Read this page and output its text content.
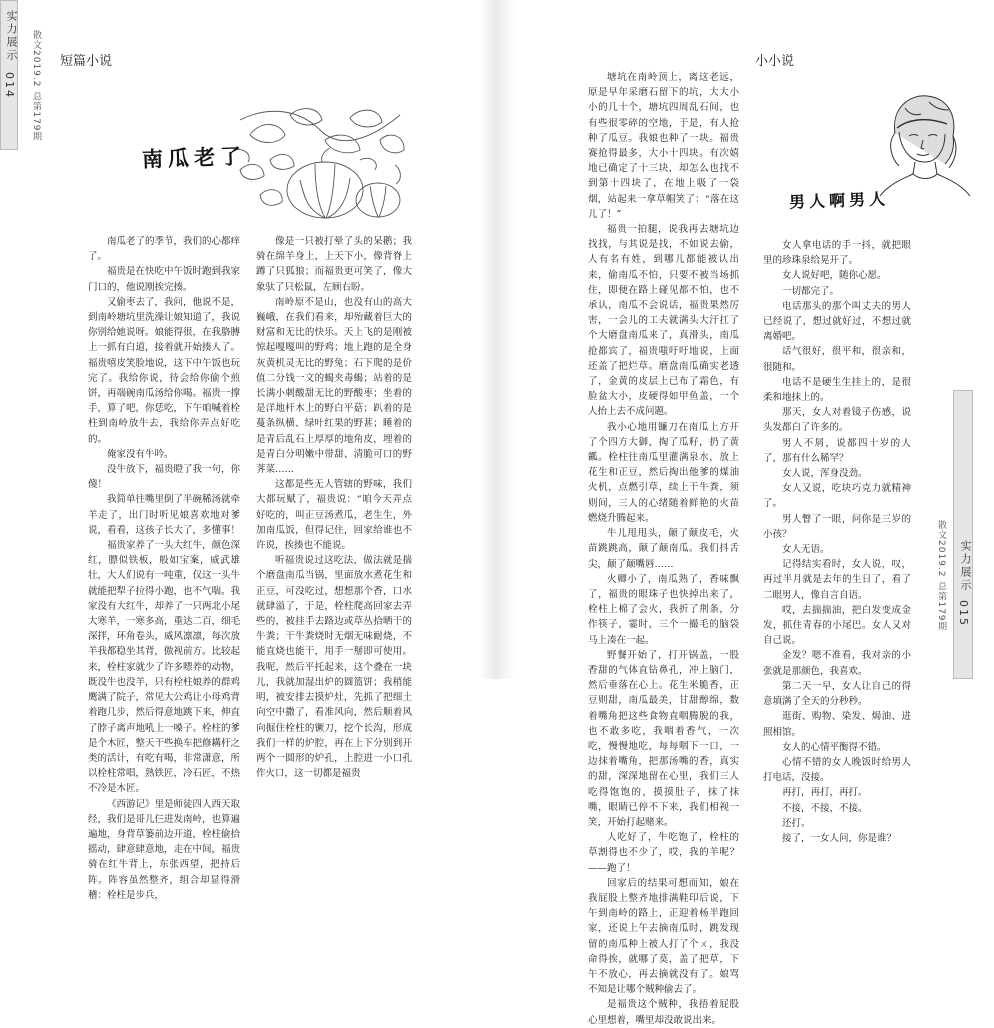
实力展示
014 散文2019.2 总第179期 短篇小说
南瓜老了

南瓜老了的季节，我们的心都痒了。

福贵是在快吃中午饭时跑到我家门口的，他说刚挨完揍。

又偷枣去了，我问，他说不是，到南岭塘坑里洗澡让娘知道了，我说你别给她说呀。娘能得很，在我胳膊上一抓有白道，接着就开始揍人了。福贵嘻皮笑脸地说，这下中午饭也玩完了。我给你说，待会给你偷个煎饼，再端碗南瓜汤给你喝。福贵一撑手，算了吧，你恁吃，下午咱喊着栓柱到南岭放牛去，我给你弄点好吃的。

俺家没有牛吟。

没牛放下，福贵瞪了我一句，你傻！

我简单往嘴里倒了半碗稀汤就牵羊走了，出门时听见娘喜欢地对爹说，看看，这孩子长大了，多懂事！

福贵家养了一头大红牛，颜色深红，膘似铁板，般如宝案，威武雄壮，大人们说有一吨重，仅这一头牛就能把犁子拉得小跑，也不气喘。我家没有大红牛，却养了一只两北小尾大寒羊，一寒多高，重达二百，细毛深拌，环角卷头，威风凛凛，每次放羊我都稳坐其背，傲视前方。比较起来，栓柱家就少了许多嘌养的动物，既没牛也没羊，只有栓柱娘养的群鸡鹰满了院子，常见大公鸡让小母鸡背着跑几步，然后得意地跳下来，伸直了脖子离声地吼上一嗓子。栓柱的爹是个木匠，整天干些换车把修耩杆之类的活计，有吃有喝，非常潇意，所以栓柱常唱，熟铁匠，冷石匠，不热不冷是木匠。

《西游记》里是师徒四人西天取经，我们是哥儿仨进发南岭，也算遍遍地，身背草篓前边开道，栓柱偷拾摇动，肆意肆意地，走在中间，福贵骑在红牛背上，东张西望，把持后阵。阵容虽然整齐，组合却显得滑稽：栓柱是步兵，

像是一只被打晕了头的呆鹅；我骑在绵羊身上，上天下小，像背脊上蹲了只狐狼；而福贵更可笑了，像大象驮了只松鼠，左顾右盼。

南岭原不是山，也没有山的高大巍峨，在我们看来，却殆藏着巨大的财富和无比的快乐。天上飞的是刚被惊起嘎嘎叫的野鸡；地上跑的是全身灰黄机灵无比的野兔；石下爬的是价值二分钱一文的蝎夹毒蝎；站着的是长满小刺酸甜无比的野酸枣；坐着的是洋地杆木上的野白平菇；趴着的是蔓条纵横、绿叶红果的野葚；睡着的是青后乱石上厚厚的地角皮，埋着的是青白分明嫩中带甜、清脆可口的野荠菜……

这都是些无人管辖的野味，我们大都玩赋了，福贵说：“咱今天弄点好吃的，叫正豆汤煮瓜，老生生，外加南瓜饭，但得记住，回家给谁也不许说，挨揍也不能说。

听福贵说过这吃法，做法就是揣个磨盘南瓜当锅，里面放水煮花生和正豆，可没吃过，想想那个香，口水就肆溢了，于是，栓柱爬高回家去弄些的，被挂手去路边或草丛拾晒干的牛粪；干牛粪烧时无烟无味耐烧，不能直烧也能干，用手一掰即可使用。我呢，然后平托起来，这个叠在一块儿，我就加湿出炉的圆篮饼；我稍能明，被安排去摸炉灶，先抓了把细土向空中撒了，看准风向，然后顺着风向掘住栓柱的镢刀，挖个长沟，形成我们一样的炉腔，再在上下分别到开两个一圆形的炉孔，上腔进一小口孔作火口，这一切都是福贵

小小说
男人啊男人

塘坑在南岭顶上，离这老远，原是早年采磨石留下的坑，大大小小的几十个，塘坑四周乱石间，也有些很零碎的空地，于是，有人抢种了瓜豆。我娘也种了一块。福贵赛抢得最多，大小十四块。有次嬉地已确定了十三块，却怎么也找不到第十四块了，在地上吸了一袋烟，站起来一拿草帽笑了：“落在这儿了！”

福贵一拍腿，说我再去塘坑边找找，与其说是找，不如说去偷，人有名有姓，到哪儿都能被认出来，偷南瓜不怕，只要不被当场抓住，即便在路上碰见都不怕，也不承认，南瓜不会说话，福贵果然厉害，一会儿的工夫就满头大汗扛了个大磨盘南瓜来了，真滑头，南瓜抢都宾了，福贵嗤吁吁地说，上面还盖了把烂草。磨盘南瓜确实老透了，金黄的皮层上已布了霜色，有脸盆大小，皮硬得如甲鱼盖，一个人抬上去不成问题。

我小心地用镰刀在南瓜上方开了个四方大御，掏了瓜籽，扔了黄瓤。栓柱往南瓜里灌满泉水，放上花生和正豆，然后掏出他爹的煤油火机，点燃引草，续上干牛粪，须则间，三人的心绪随着鲜艳的火苗燃烧升腾起来。

牛儿甩甩头，颠了颠皮毛，火苗跳跳高，颠了颠南瓜。我们抖舌尖，颠了颠嘴唇……

火卿小了，南瓜熟了，香味飘了，福贵的眼珠子也快掉出来了，栓柱上棉了会火，我折了荆条，分作筷子，霎时，三个一撮毛的脑袋马上凑在一起。

野餐开始了，打开锅盖，一股香甜的气体直钻鼻孔，冲上脑门，然后垂落在心上。花生米脆香，正豆则甜，南瓜最美，甘甜醇绵，数着嘴角把这些食物直咽腾脱的我，也不敢多吃，我咽着香气，一次吃，慢慢地吃，每每咽下一口，一边抹着嘴角，把那汤嘴的香，真实的甜，深深地留在心里，我们三人吃得饱饱的，摸摸肚子，抹了抹嘴，眼睛已停不下来，我们相视一笑，开始打起赌来。

人吃好了，牛吃饱了，栓柱的草割得也不少了，哎，我的羊呢？——跑了！

回家后的结果可想而知，娘在我屁股上整齐地排满鞋印后说，下午到南岭的路上，正迎着杨半跑回家，还说上午去摘南瓜时，跳发现留的南瓜种上被人打了个ㄨ，我没命得挨，就哪了莫，盖了把草，下午不放心，再去摘就没有了。娘骂不知是让哪个贼种偷去了。

是福贵这个贼种，我捂着屁股心里想着，嘴里却没敢说出来。

女人拿电话的手一抖，就把眼里的珍珠泉给晃开了。

女人说好吧，随你心愿。

一切都完了。

电话那头的那个叫丈夫的男人已经说了，想过就好过，不想过就离婚吧。

话气很好，很平和，很亲和，很随和。

电话不是硬生生挂上的，是很柔和地抹上的。

那天，女人对着镜子伤感，说头发都白了许多的。

男人不屑，说都四十岁的人了，那有什么稀罕？

女人说，浑身没劲。

女人又说，吃块巧克力就精神了。

男人瞥了一眼，问你是三岁的小孩？

女人无语。

记得结实看时，女人说，叹，再过半月就是去年的生日了，看了二眼男人，像自言自语。

哎，去揣揣油，把白发变成金发，抓住青春的小尾巴。女人又对自己说。

金发？嗯不准看，我对亲的小张就是那颜色，我喜欢。

第二天一早，女人让自己的得意填满了全天的分秒秒。

逛街、购物、染发、焗油、进照相馆。

女人的心情平衡得不错。

心情不错的女人晚饭时给男人打电话，没接。

再打，再打，再打。

不接，不接，不接。

还打。

接了，一女人问，你是谁？

散文2019.2 总第179期 实力展示
015
